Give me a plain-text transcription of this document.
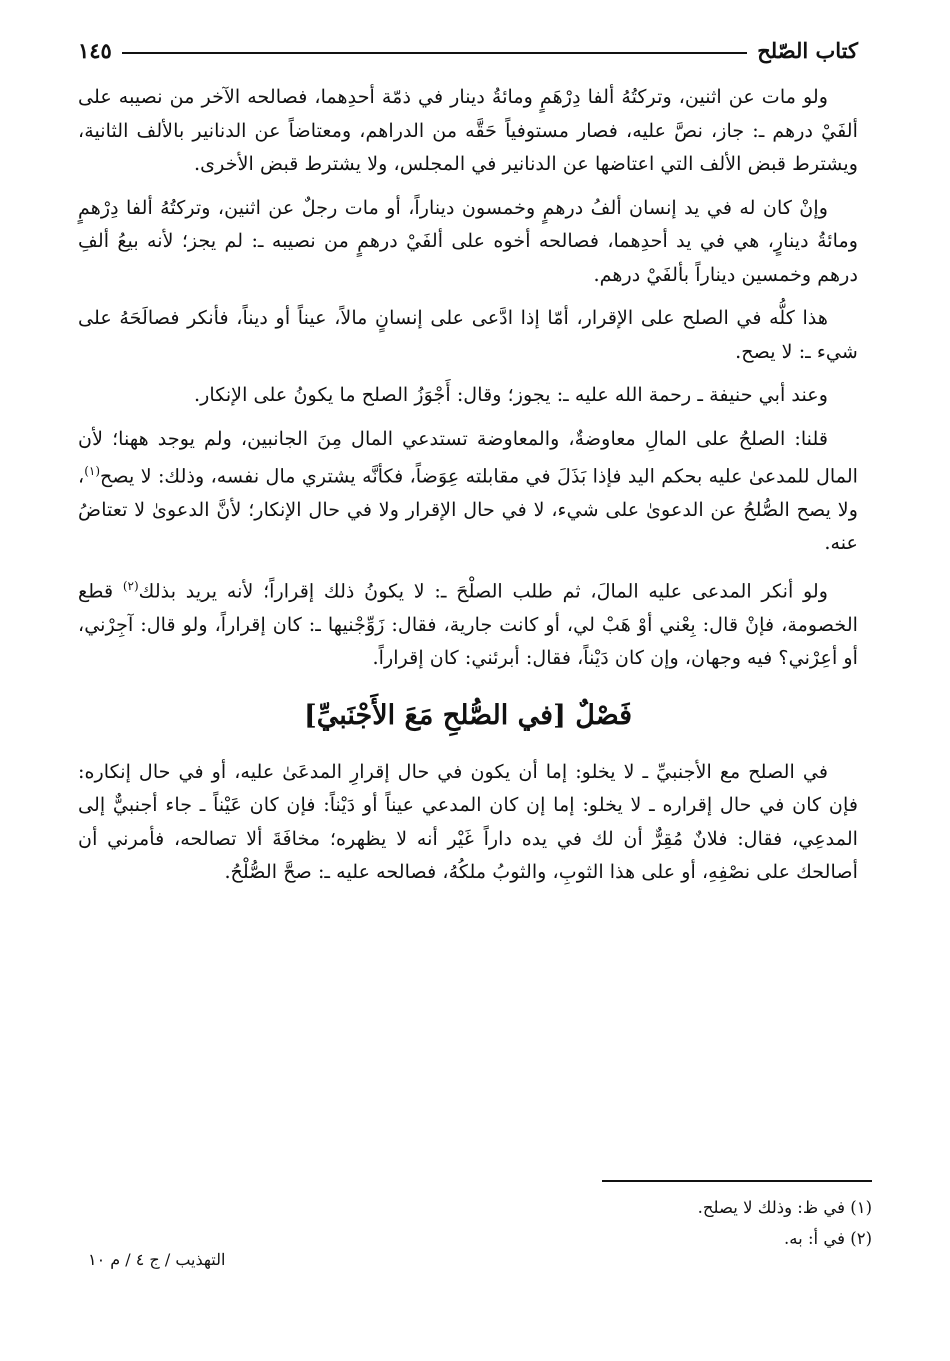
كتاب الصّلح
١٤٥

ولو مات عن اثنين، وتركتُهُ ألفا دِرْهَمٍ ومائةُ دينار في ذمّة أحدِهما، فصالحه الآخر من نصيبه على ألفَيْ درهم ـ: جاز، نصَّ عليه، فصار مستوفياً حَقَّه من الدراهم، ومعتاضاً عن الدنانير بالألف الثانية، ويشترط قبض الألف التي اعتاضها عن الدنانير في المجلس، ولا يشترط قبض الأخرى.

وإنْ كان له في يد إنسان ألفُ درهمٍ وخمسون ديناراً، أو مات رجلٌ عن اثنين، وتركتُهُ ألفا دِرْهمٍ ومائةُ دينارٍ، هي في يد أحدِهما، فصالحه أخوه على ألفَيْ درهمٍ من نصيبه ـ: لم يجز؛ لأنه بيعُ ألفِ درهم وخمسين ديناراً بألفَيْ درهم.

هذا كلُّه في الصلح على الإقرار، أمّا إذا ادَّعى على إنسانٍ مالاً، عيناً أو ديناً، فأنكر فصالَحَهُ على شيء ـ: لا يصح.

وعند أبي حنيفة ـ رحمة الله عليه ـ: يجوز؛ وقال: أَجْوَزُ الصلح ما يكونُ على الإنكار.

قلنا: الصلحُ على المالِ معاوضةٌ، والمعاوضة تستدعي المال مِنَ الجانبين، ولم يوجد ههنا؛ لأن المال للمدعىٰ عليه بحكم اليد فإذا بَذَلَ في مقابلته عِوَضاً، فكأنَّه يشتري مال نفسه، وذلك: لا يصح$^{(١)}$، ولا يصح الصُّلحُ عن الدعوىٰ على شيء، لا في حال الإقرار ولا في حال الإنكار؛ لأنَّ الدعوىٰ لا تعتاضُ عنه.

ولو أنكر المدعى عليه المالَ، ثم طلب الصلْحَ ـ: لا يكونُ ذلك إقراراً؛ لأنه يريد بذلك$^{(٢)}$ قطع الخصومة، فإنْ قال: بِعْني أوْ هَبْ لي، أو كانت جارية، فقال: زَوِّجْنيها ـ: كان إقراراً، ولو قال: آجِرْني، أو أعِرْني؟ فيه وجهان، وإن كان دَيْناً، فقال: أبرئني: كان إقراراً.

فَصْلٌ [في الصُّلحِ مَعَ الأَجْنَبيِّ]

في الصلح مع الأجنبيِّ ـ لا يخلو: إما أن يكون في حال إقرارِ المدعَىٰ عليه، أو في حال إنكاره: فإن كان في حال إقراره ـ لا يخلو: إما إن كان المدعي عيناً أو دَيْناً: فإن كان عَيْناً ـ جاء أجنبيٌّ إلى المدعِي، فقال: فلانٌ مُقِرٌّ أن لك في يده داراً غَيْر أنه لا يظهره؛ مخافَةَ ألا تصالحه، فأمرني أن أصالحك على نصْفِهِ، أو على هذا الثوبِ، والثوبُ ملكُهُ، فصالحه عليه ـ: صحَّ الصُّلْحُ.

(١) في ظ: وذلك لا يصلح.

(٢) في أ: به.

التهذيب / ج ٤ / م ١٠
